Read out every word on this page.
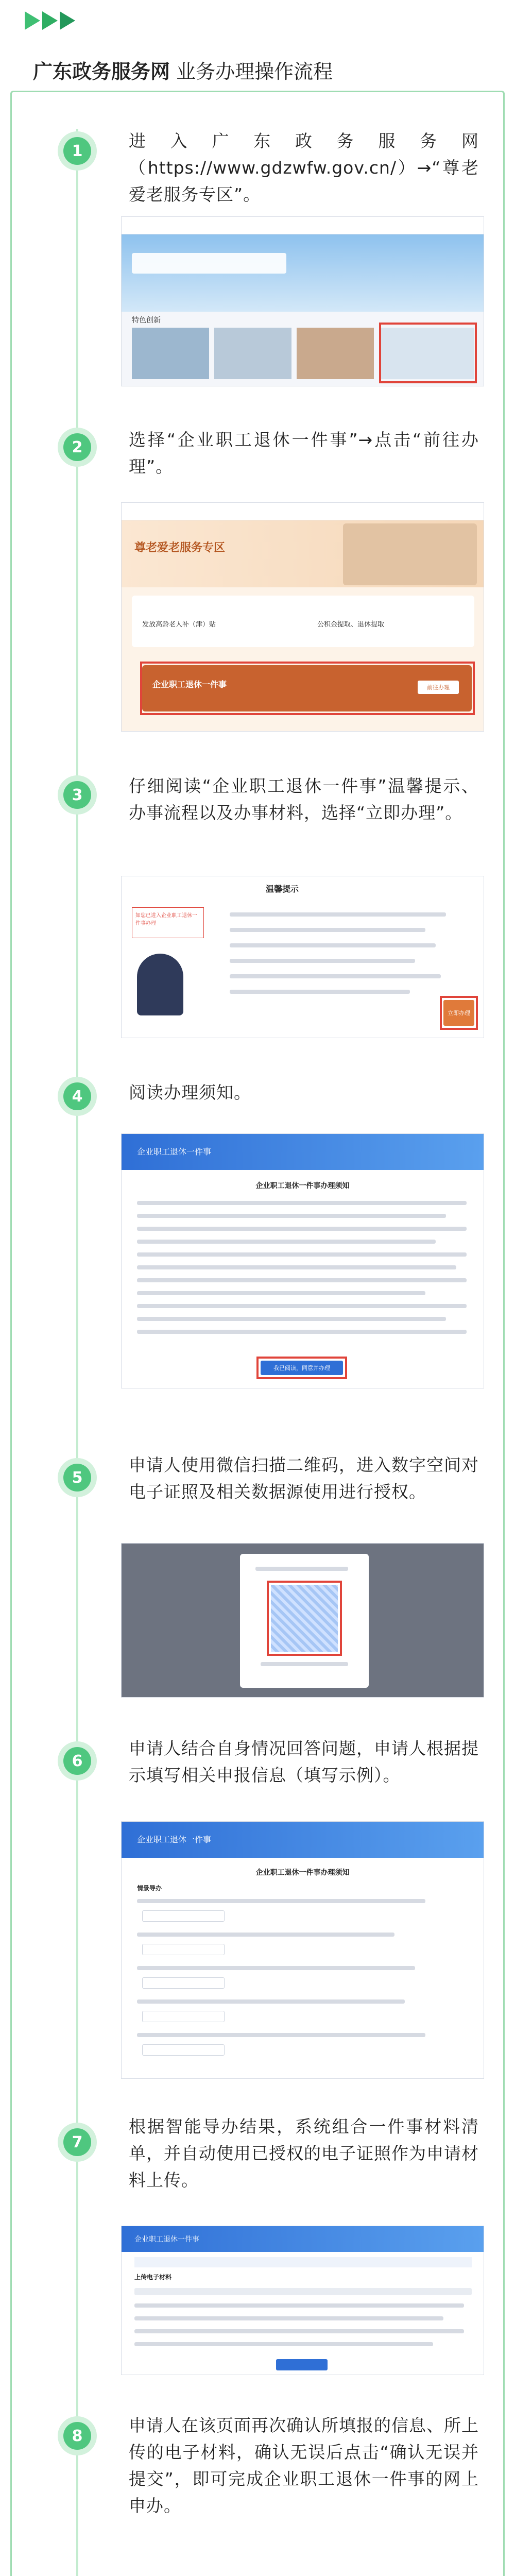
广东政务服务网 业务办理操作流程
1	进入广东政务服务网（https://www.gdzwfw.gov.cn/）→“尊老爱老服务专区”。
特色创新
2	选择“企业职工退休一件事”→点击“前往办理”。
尊老爱老服务专区
发放高龄老人补（津）贴	公积金提取、退休提取
企业职工退休一件事	前往办理
3	仔细阅读“企业职工退休一件事”温馨提示、办事流程以及办事材料，选择“立即办理”。
温馨提示
如您已进入企业职工退休一件事办理
立即办理
4	阅读办理须知。
企业职工退休一件事
企业职工退休一件事办理须知
我已阅读，同意并办理
5
申请人使用微信扫描二维码，进入数字空间对电子证照及相关数据源使用进行授权。
6
申请人结合自身情况回答问题，申请人根据提示填写相关申报信息（填写示例）。
企业职工退休一件事
企业职工退休一件事办理须知
情景导办
7
根据智能导办结果，系统组合一件事材料清单，并自动使用已授权的电子证照作为申请材料上传。
企业职工退休一件事
上传电子材料
8
申请人在该页面再次确认所填报的信息、所上传的电子材料，确认无误后点击“确认无误并提交”，即可完成企业职工退休一件事的网上申办。
